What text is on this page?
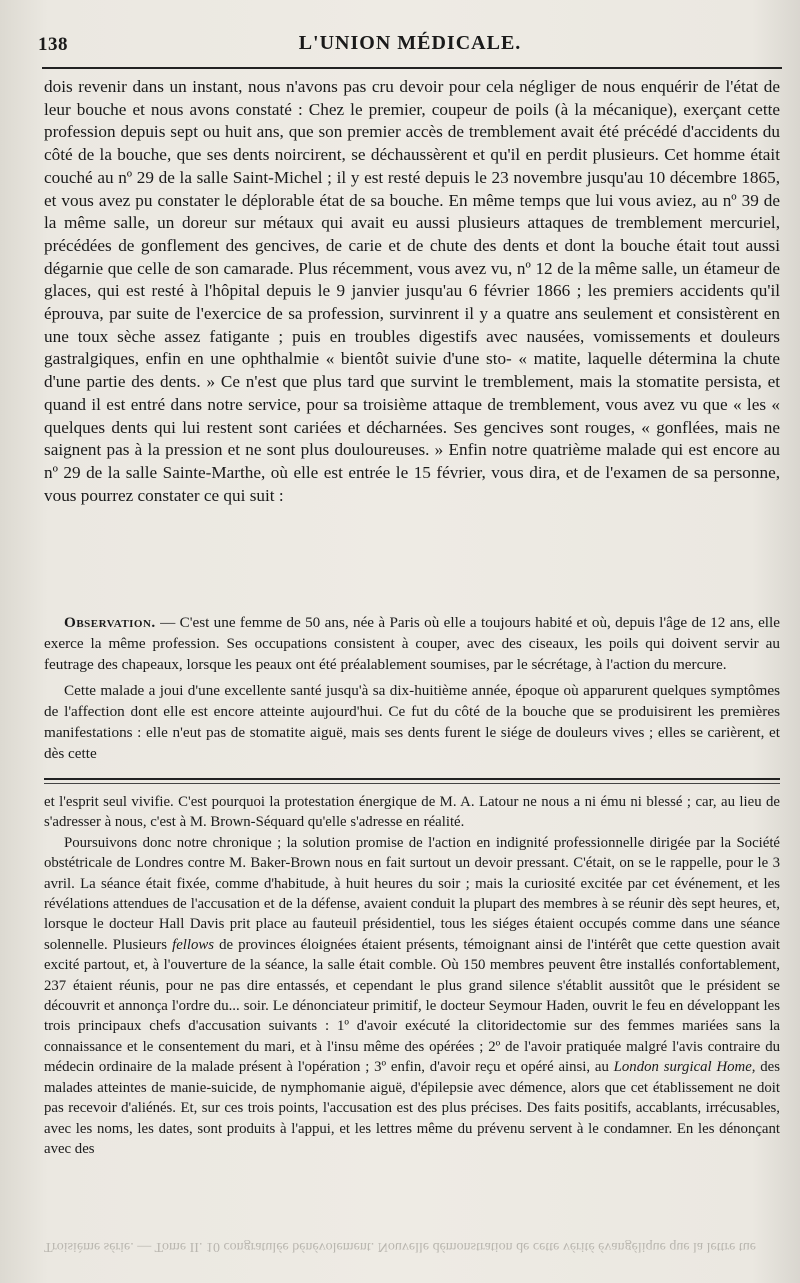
138	L'UNION MÉDICALE.

dois revenir dans un instant, nous n'avons pas cru devoir pour cela négliger de nous enquérir de l'état de leur bouche et nous avons constaté : Chez le premier, coupeur de poils (à la mécanique), exerçant cette profession depuis sept ou huit ans, que son premier accès de tremblement avait été précédé d'accidents du côté de la bouche, que ses dents noircirent, se déchaussèrent et qu'il en perdit plusieurs. Cet homme était couché au nº 29 de la salle Saint-Michel ; il y est resté depuis le 23 novembre jusqu'au 10 décembre 1865, et vous avez pu constater le déplorable état de sa bouche. En même temps que lui vous aviez, au nº 39 de la même salle, un doreur sur métaux qui avait eu aussi plusieurs attaques de tremblement mercuriel, précédées de gonflement des gencives, de carie et de chute des dents et dont la bouche était tout aussi dégarnie que celle de son camarade. Plus récemment, vous avez vu, nº 12 de la même salle, un étameur de glaces, qui est resté à l'hôpital depuis le 9 janvier jusqu'au 6 février 1866 ; les premiers accidents qu'il éprouva, par suite de l'exercice de sa profession, survinrent il y a quatre ans seulement et consistèrent en une toux sèche assez fatigante ; puis en troubles digestifs avec nausées, vomissements et douleurs gastralgiques, enfin en une ophthalmie « bientôt suivie d'une sto- « matite, laquelle détermina la chute d'une partie des dents. » Ce n'est que plus tard que survint le tremblement, mais la stomatite persista, et quand il est entré dans notre service, pour sa troisième attaque de tremblement, vous avez vu que « les « quelques dents qui lui restent sont cariées et décharnées. Ses gencives sont rouges, « gonflées, mais ne saignent pas à la pression et ne sont plus douloureuses. » Enfin notre quatrième malade qui est encore au nº 29 de la salle Sainte-Marthe, où elle est entrée le 15 février, vous dira, et de l'examen de sa personne, vous pourrez constater ce qui suit :

Observation. — C'est une femme de 50 ans, née à Paris où elle a toujours habité et où, depuis l'âge de 12 ans, elle exerce la même profession. Ses occupations consistent à couper, avec des ciseaux, les poils qui doivent servir au feutrage des chapeaux, lorsque les peaux ont été préalablement soumises, par le sécrétage, à l'action du mercure.

Cette malade a joui d'une excellente santé jusqu'à sa dix-huitième année, époque où apparurent quelques symptômes de l'affection dont elle est encore atteinte aujourd'hui. Ce fut du côté de la bouche que se produisirent les premières manifestations : elle n'eut pas de stomatite aiguë, mais ses dents furent le siége de douleurs vives ; elles se carièrent, et dès cette

et l'esprit seul vivifie. C'est pourquoi la protestation énergique de M. A. Latour ne nous a ni ému ni blessé ; car, au lieu de s'adresser à nous, c'est à M. Brown-Séquard qu'elle s'adresse en réalité.

Poursuivons donc notre chronique ; la solution promise de l'action en indignité professionnelle dirigée par la Société obstétricale de Londres contre M. Baker-Brown nous en fait surtout un devoir pressant. C'était, on se le rappelle, pour le 3 avril. La séance était fixée, comme d'habitude, à huit heures du soir ; mais la curiosité excitée par cet événement, et les révélations attendues de l'accusation et de la défense, avaient conduit la plupart des membres à se réunir dès sept heures, et, lorsque le docteur Hall Davis prit place au fauteuil présidentiel, tous les siéges étaient occupés comme dans une séance solennelle. Plusieurs fellows de provinces éloignées étaient présents, témoignant ainsi de l'intérêt que cette question avait excité partout, et, à l'ouverture de la séance, la salle était comble. Où 150 membres peuvent être installés confortablement, 237 étaient réunis, pour ne pas dire entassés, et cependant le plus grand silence s'établit aussitôt que le président se découvrit et annonça l'ordre du... soir. Le dénonciateur primitif, le docteur Seymour Haden, ouvrit le feu en développant les trois principaux chefs d'accusation suivants : 1º d'avoir exécuté la clitoridectomie sur des femmes mariées sans la connaissance et le consentement du mari, et à l'insu même des opérées ; 2º de l'avoir pratiquée malgré l'avis contraire du médecin ordinaire de la malade présent à l'opération ; 3º enfin, d'avoir reçu et opéré ainsi, au London surgical Home, des malades atteintes de manie-suicide, de nymphomanie aiguë, d'épilepsie avec démence, alors que cet établissement ne doit pas recevoir d'aliénés. Et, sur ces trois points, l'accusation est des plus précises. Des faits positifs, accablants, irrécusables, avec les noms, les dates, sont produits à l'appui, et les lettres même du prévenu servent à le condamner. En les dénonçant avec des

Troisième série. — Tome II. 10 congratulée bénévolement. Nouvelle démonstration de cette vérité évangélique que la lettre tue
